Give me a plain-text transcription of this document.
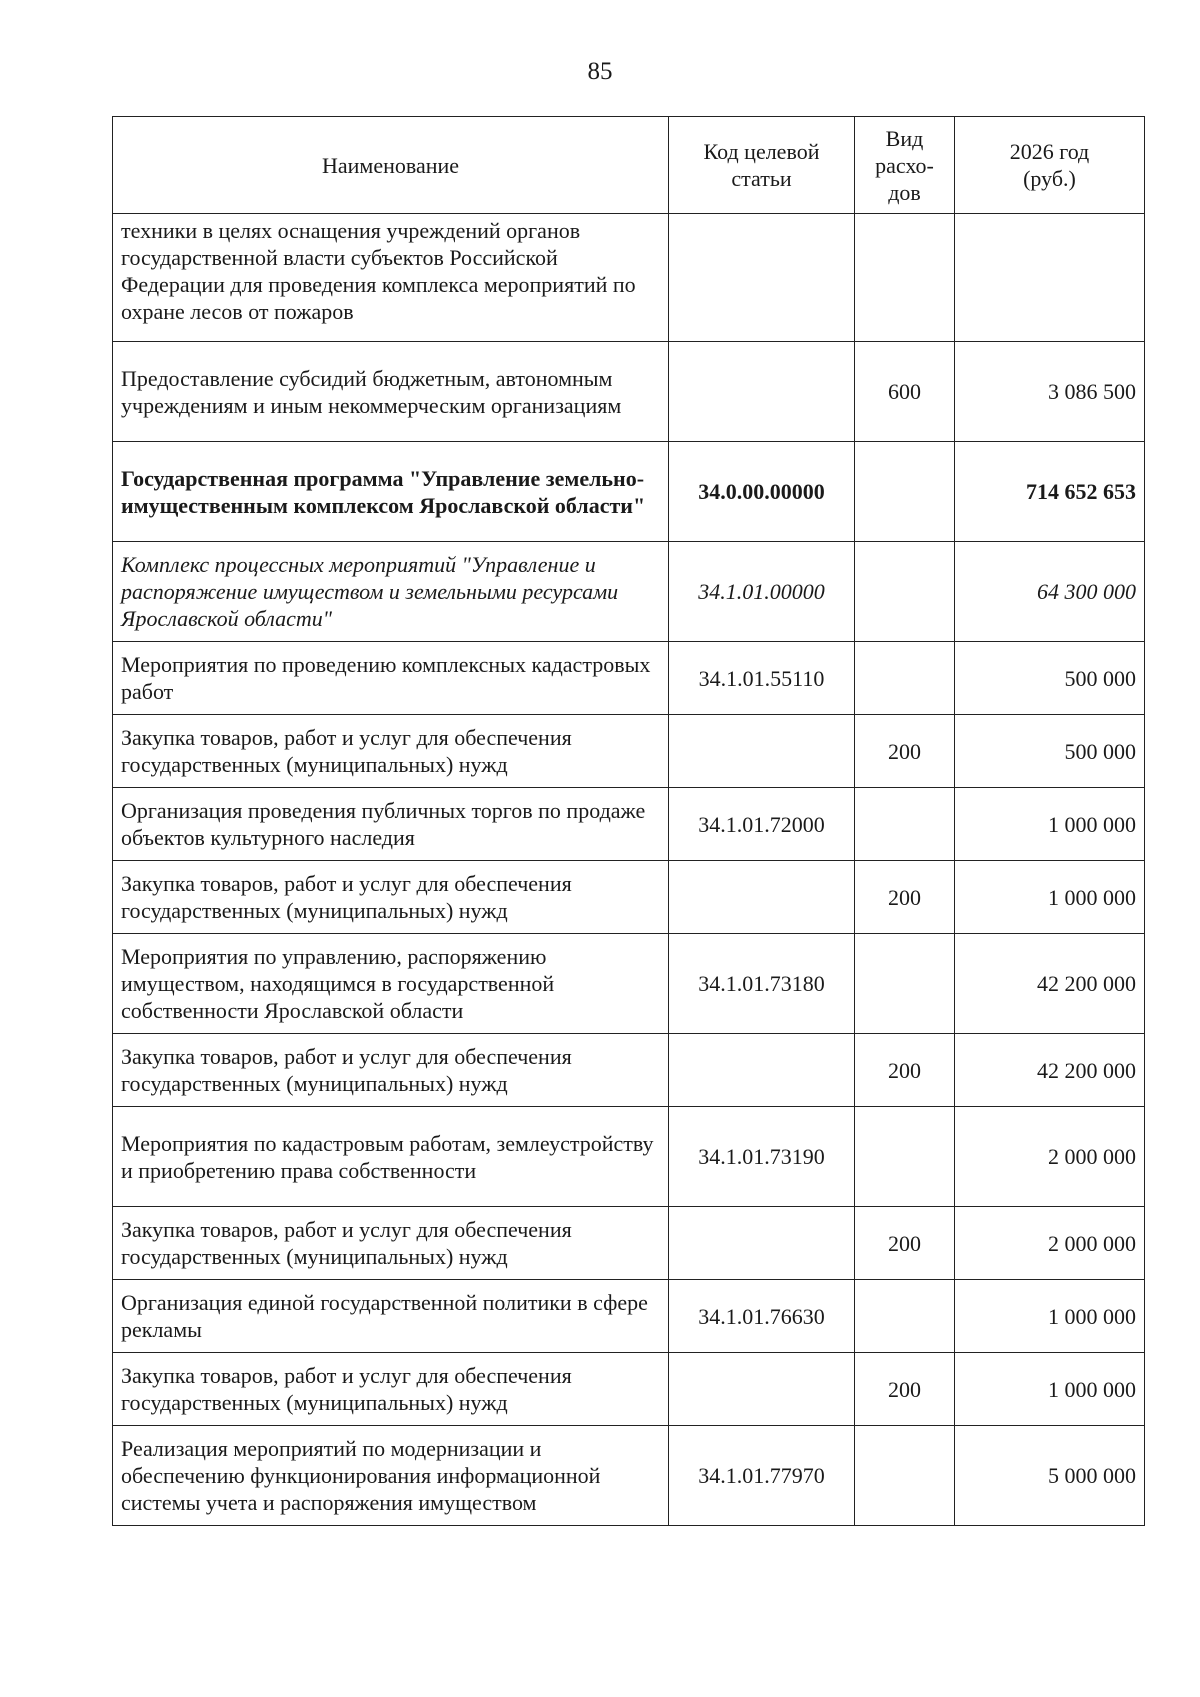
85
Наименование	Код целевой статьи	Вид расхо-дов	2026 год (руб.)
техники в целях оснащения учреждений органов государственной власти субъектов Российской Федерации для проведения комплекса мероприятий по охране лесов от пожаров			
Предоставление субсидий бюджетным, автономным учреждениям и иным некоммерческим организациям		600	3 086 500
Государственная программа "Управление земельно-имущественным комплексом Ярославской области"	34.0.00.00000		714 652 653
Комплекс процессных мероприятий "Управление и распоряжение имуществом и земельными ресурсами Ярославской области"	34.1.01.00000		64 300 000
Мероприятия по проведению комплексных кадастровых работ	34.1.01.55110		500 000
Закупка товаров, работ и услуг для обеспечения государственных (муниципальных) нужд		200	500 000
Организация проведения публичных торгов по продаже объектов культурного наследия	34.1.01.72000		1 000 000
Закупка товаров, работ и услуг для обеспечения государственных (муниципальных) нужд		200	1 000 000
Мероприятия по управлению, распоряжению имуществом, находящимся в государственной собственности Ярославской области	34.1.01.73180		42 200 000
Закупка товаров, работ и услуг для обеспечения государственных (муниципальных) нужд		200	42 200 000
Мероприятия по кадастровым работам, землеустройству и приобретению права собственности	34.1.01.73190		2 000 000
Закупка товаров, работ и услуг для обеспечения государственных (муниципальных) нужд		200	2 000 000
Организация единой государственной политики в сфере рекламы	34.1.01.76630		1 000 000
Закупка товаров, работ и услуг для обеспечения государственных (муниципальных) нужд		200	1 000 000
Реализация мероприятий по модернизации и обеспечению функционирования информационной системы учета и распоряжения имуществом	34.1.01.77970		5 000 000
